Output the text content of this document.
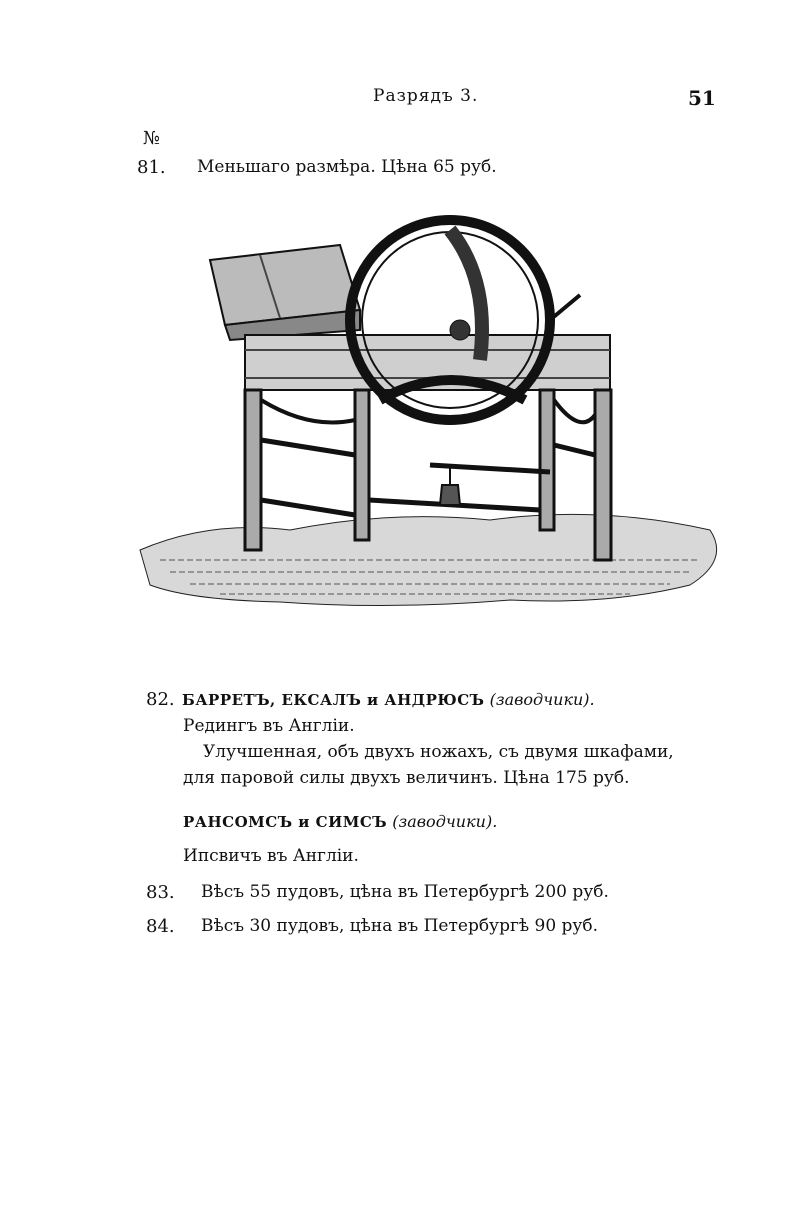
Разрядъ 3.	51
№
81. Меньшаго размѣра. Цѣна 65 руб.
82. БАРРЕТЪ, ЕКСАЛЪ и АНДРЮСЪ (заводчики).
Редингъ въ Англіи.
Улучшенная, объ двухъ ножахъ, съ двумя шкафами,
для паровой силы двухъ величинъ. Цѣна 175 руб.
РАНСОМСЪ и СИМСЪ (заводчики).
Ипсвичъ въ Англіи.
83. Вѣсъ 55 пудовъ, цѣна въ Петербургѣ 200 руб.
84. Вѣсъ 30 пудовъ, цѣна въ Петербургѣ 90 руб.
